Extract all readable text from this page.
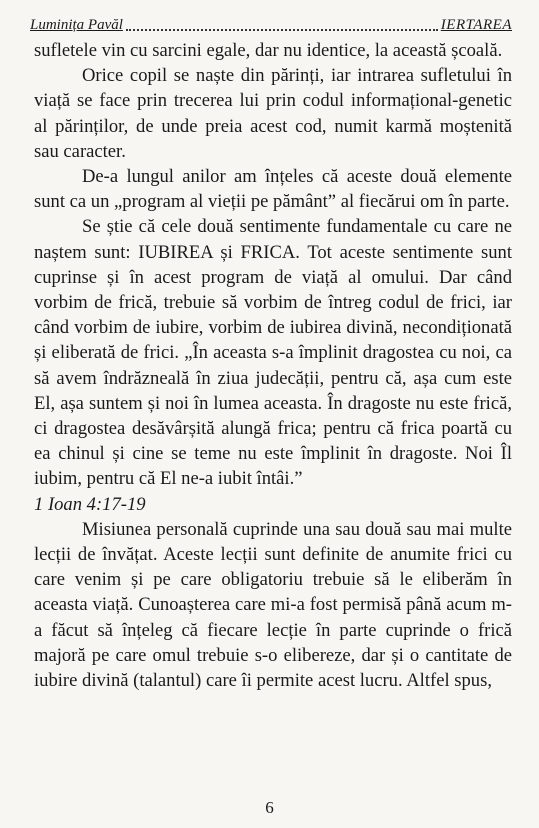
Luminița Pavăl	IERTAREA

sufletele vin cu sarcini egale, dar nu identice, la această școală.

Orice copil se naște din părinți, iar intrarea sufletului în viață se face prin trecerea lui prin codul informațional-genetic al părinților, de unde preia acest cod, numit karmă moștenită sau caracter.

De-a lungul anilor am înțeles că aceste două elemente sunt ca un „program al vieții pe pământ” al fiecărui om în parte.

Se știe că cele două sentimente fundamentale cu care ne naștem sunt: IUBIREA și FRICA. Tot aceste sentimente sunt cuprinse și în acest program de viață al omului. Dar când vorbim de frică, trebuie să vorbim de întreg codul de frici, iar când vorbim de iubire, vorbim de iubirea divină, necondiționată și eliberată de frici. „În aceasta s-a împlinit dragostea cu noi, ca să avem îndrăzneală în ziua judecății, pentru că, așa cum este El, așa suntem și noi în lumea aceasta. În dragoste nu este frică, ci dragostea desăvârșită alungă frica; pentru că frica poartă cu ea chinul și cine se teme nu este împlinit în dragoste. Noi Îl iubim, pentru că El ne-a iubit întâi.”

1 Ioan 4:17-19

Misiunea personală cuprinde una sau două sau mai multe lecții de învățat. Aceste lecții sunt definite de anumite frici cu care venim și pe care obligatoriu trebuie să le eliberăm în aceasta viață. Cunoașterea care mi-a fost permisă până acum m-a făcut să înțeleg că fiecare lecție în parte cuprinde o frică majoră pe care omul trebuie s-o elibereze, dar și o cantitate de iubire divină (talantul) care îi permite acest lucru. Altfel spus,

6
